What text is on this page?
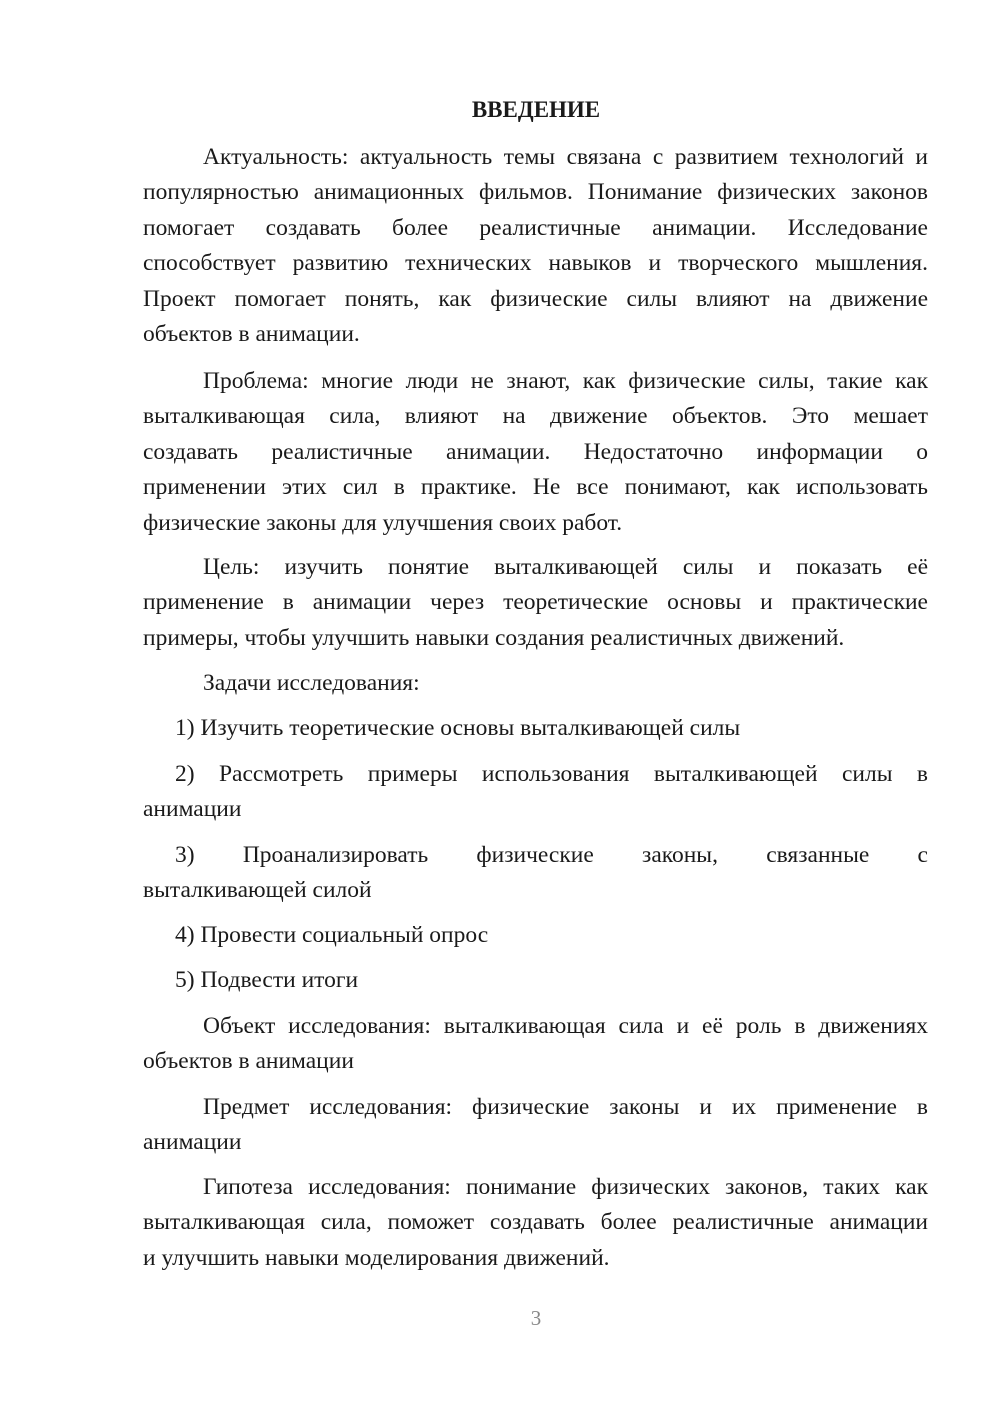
ВВЕДЕНИЕ
Актуальность: актуальность темы связана с развитием технологий и
популярностью анимационных фильмов. Понимание физических законов
помогает создавать более реалистичные анимации. Исследование
способствует развитию технических навыков и творческого мышления.
Проект помогает понять, как физические силы влияют на движение
объектов в анимации.
Проблема: многие люди не знают, как физические силы, такие как
выталкивающая сила, влияют на движение объектов. Это мешает
создавать реалистичные анимации. Недостаточно информации о
применении этих сил в практике. Не все понимают, как использовать
физические законы для улучшения своих работ.
Цель: изучить понятие выталкивающей силы и показать её
применение в анимации через теоретические основы и практические
примеры, чтобы улучшить навыки создания реалистичных движений.
Задачи исследования:
1) Изучить теоретические основы выталкивающей силы
2) Рассмотреть примеры использования выталкивающей силы в
анимации
3) Проанализировать физические законы, связанные с
выталкивающей силой
4) Провести социальный опрос
5) Подвести итоги
Объект исследования: выталкивающая сила и её роль в движениях
объектов в анимации
Предмет исследования: физические законы и их применение в
анимации
Гипотеза исследования: понимание физических законов, таких как
выталкивающая сила, поможет создавать более реалистичные анимации
и улучшить навыки моделирования движений.
3
